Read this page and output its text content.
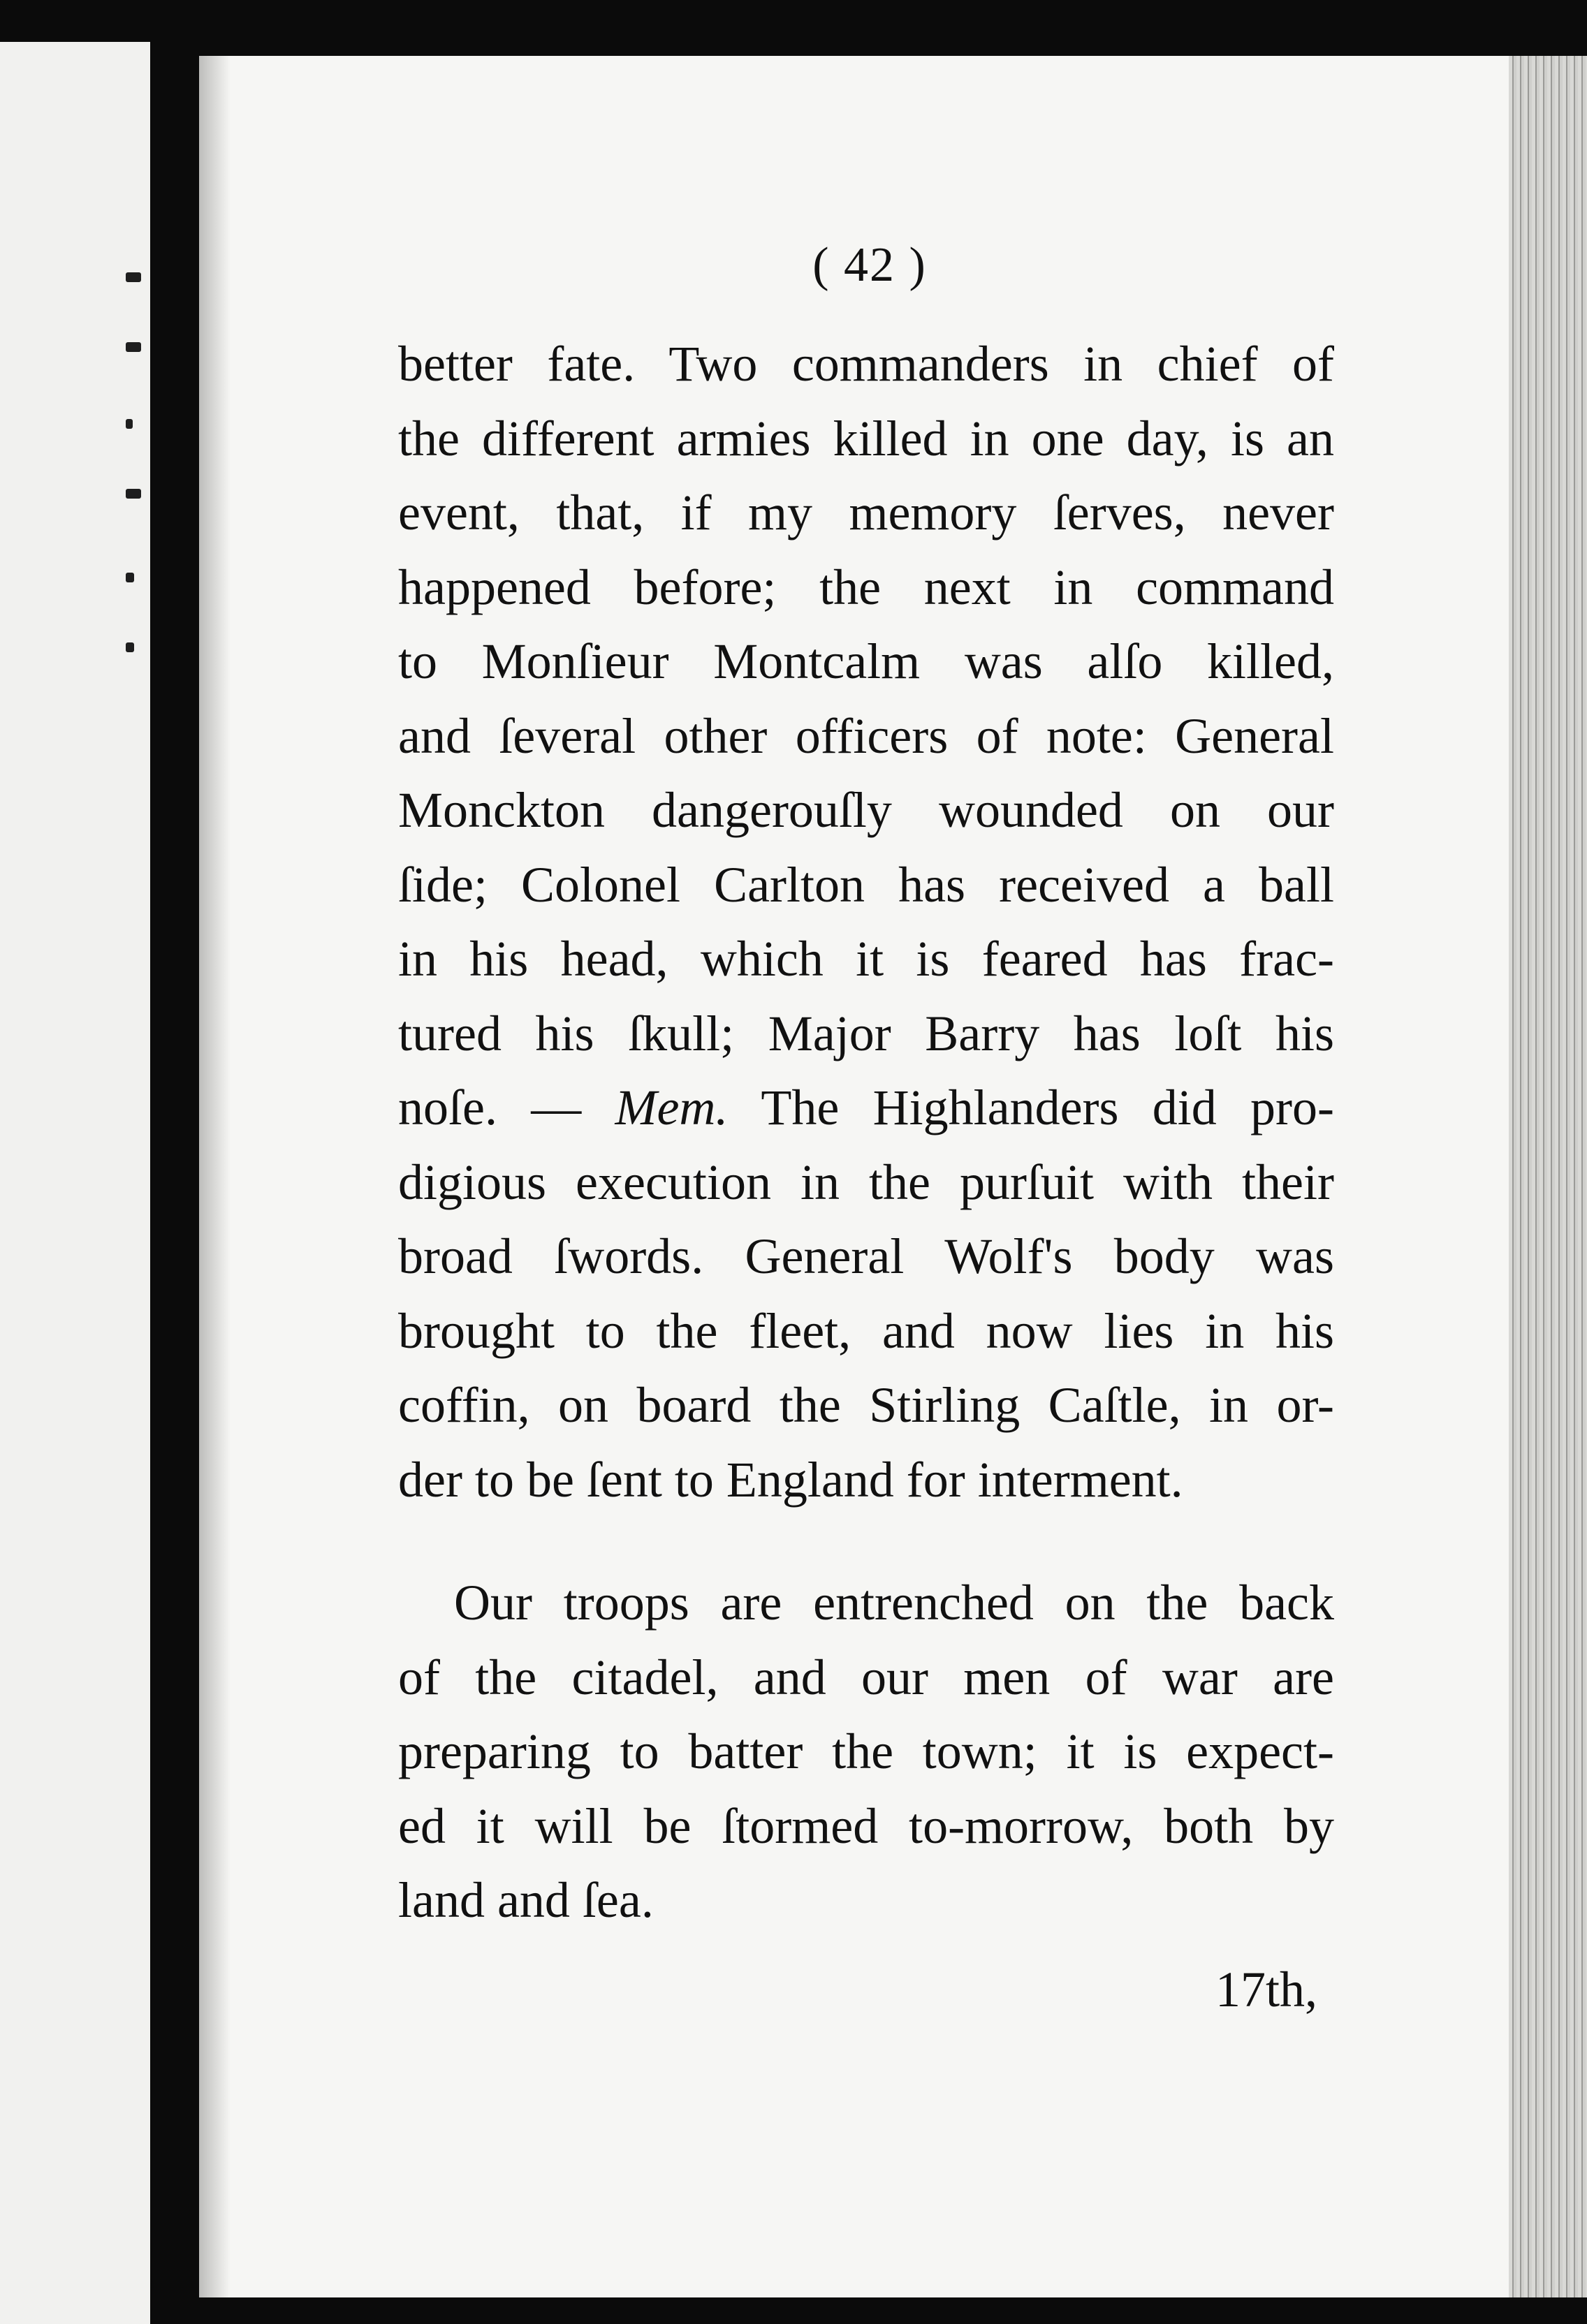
( 42 )
better fate. Two commanders in chief of
the different armies killed in one day, is an
event, that, if my memory ſerves, never
happened before; the next in command
to Monſieur Montcalm was alſo killed,
and ſeveral other officers of note: General
Monckton dangerouſly wounded on our
ſide; Colonel Carlton has received a ball
in his head, which it is feared has frac-
tured his ſkull; Major Barry has loſt his
noſe. — Mem. The Highlanders did pro-
digious execution in the purſuit with their
broad ſwords. General Wolf's body was
brought to the fleet, and now lies in his
coffin, on board the Stirling Caſtle, in or-
der to be ſent to England for interment.
Our troops are entrenched on the back
of the citadel, and our men of war are
preparing to batter the town; it is expect-
ed it will be ſtormed to-morrow, both by
land and ſea.
17th,
